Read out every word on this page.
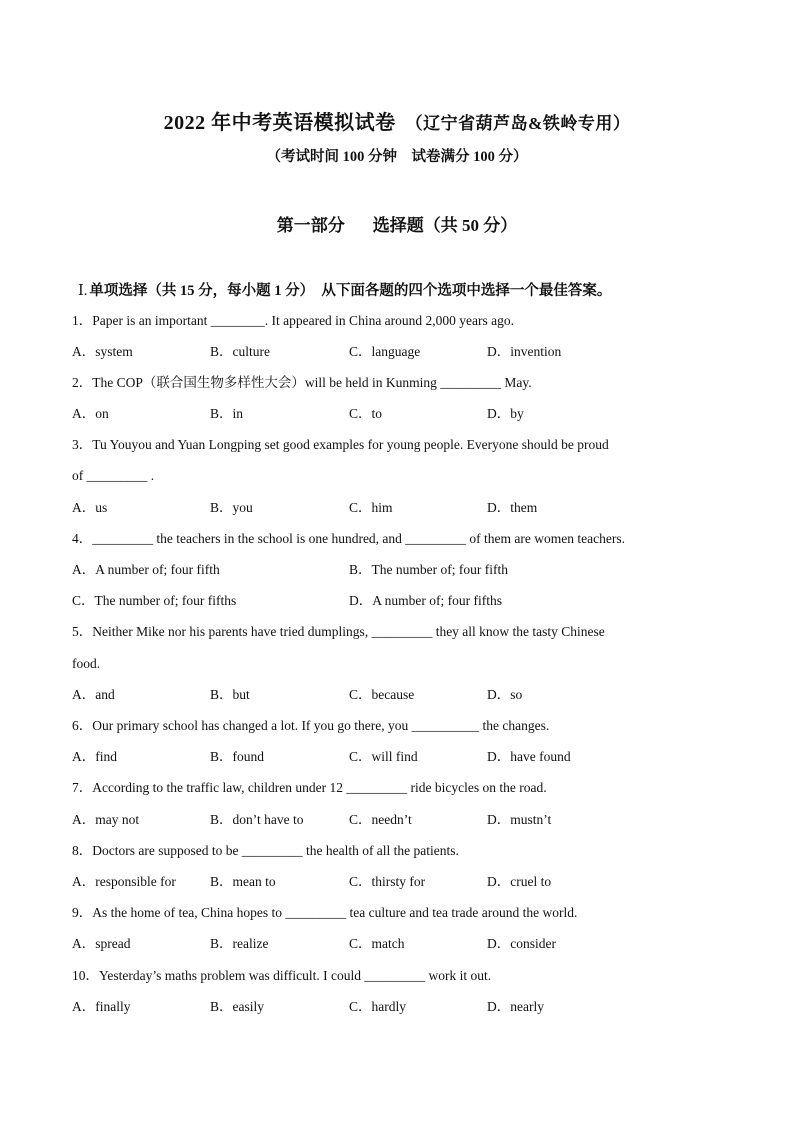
2022 年中考英语模拟试卷 （辽宁省葫芦岛&铁岭专用）
（考试时间 100 分钟　试卷满分 100 分）
第一部分 选择题（共 50 分）
Ⅰ. 单项选择（共 15 分，每小题 1 分） 从下面各题的四个选项中选择一个最佳答案。
1．Paper is an important ________. It appeared in China around 2,000 years ago.
A．system	B．culture	C．language	D．invention
2．The COP（联合国生物多样性大会）will be held in Kunming _________ May.
A．on	B．in	C．to	D．by
3．Tu Youyou and Yuan Longping set good examples for young people. Everyone should be proud
of _________ .
A．us	B．you	C．him	D．them
4．_________ the teachers in the school is one hundred, and _________ of them are women teachers.
A．A number of; four fifth	B．The number of; four fifth
C．The number of; four fifths	D．A number of; four fifths
5．Neither Mike nor his parents have tried dumplings, _________ they all know the tasty Chinese
food.
A．and	B．but	C．because	D．so
6．Our primary school has changed a lot. If you go there, you __________ the changes.
A．find	B．found	C．will find	D．have found
7．According to the traffic law, children under 12 _________ ride bicycles on the road.
A．may not	B．don’t have to	C．needn’t	D．mustn’t
8．Doctors are supposed to be _________ the health of all the patients.
A．responsible for	B．mean to	C．thirsty for	D．cruel to
9．As the home of tea, China hopes to _________ tea culture and tea trade around the world.
A．spread	B．realize	C．match	D．consider
10．Yesterday’s maths problem was difficult. I could _________ work it out.
A．finally	B．easily	C．hardly	D．nearly
